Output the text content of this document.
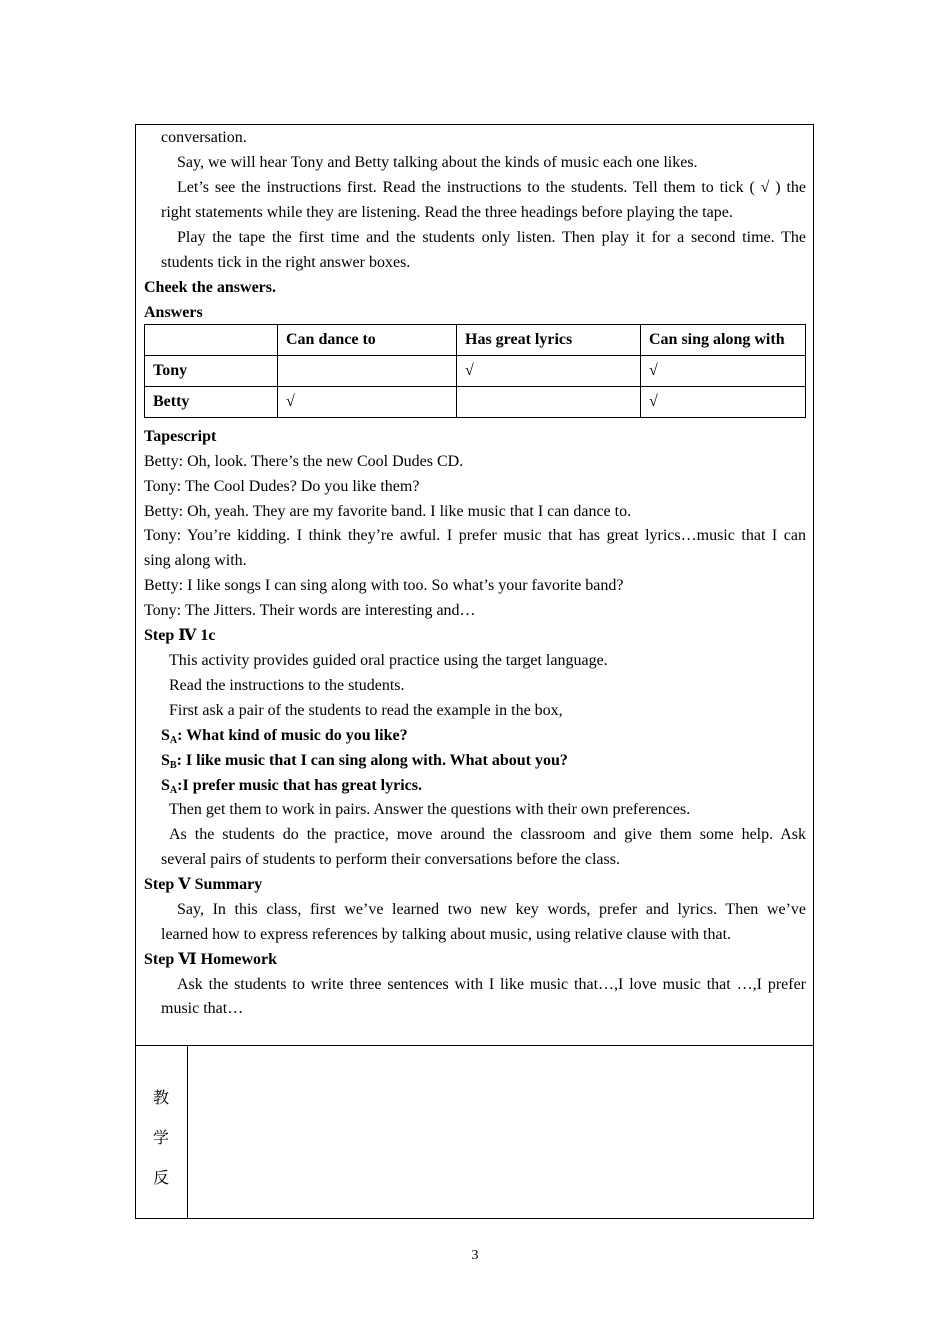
conversation.
Say, we will hear Tony and Betty talking about the kinds of music each one likes.
Let’s see the instructions first. Read the instructions to the students. Tell them to tick ( √ ) the
right statements while they are listening. Read the three headings before playing the tape.
Play the tape the first time and the students only listen. Then play it for a second time. The
students tick in the right answer boxes.
Cheek the answers.
Answers
	Can dance to	Has great lyrics	Can sing along with
Tony		√	√
Betty	√		√
Tapescript
Betty: Oh, look. There’s the new Cool Dudes CD.
Tony: The Cool Dudes? Do you like them?
Betty: Oh, yeah. They are my favorite band. I like music that I can dance to.
Tony: You’re kidding. I think they’re awful. I prefer music that has great lyrics…music that I can
sing along with.
Betty: I like songs I can sing along with too. So what’s your favorite band?
Tony: The Jitters. Their words are interesting and…
Step Ⅳ 1c
This activity provides guided oral practice using the target language.
Read the instructions to the students.
First ask a pair of the students to read the example in the box,
$S_A$: What kind of music do you like?
$S_B$: I like music that I can sing along with. What about you?
$S_A:I$ prefer music that has great lyrics.
Then get them to work in pairs. Answer the questions with their own preferences.
As the students do the practice, move around the classroom and give them some help. Ask
several pairs of students to perform their conversations before the class.
Step Ⅴ Summary
Say, In this class, first we’ve learned two new key words, prefer and lyrics. Then we’ve
learned how to express references by talking about music, using relative clause with that.
Step Ⅵ Homework
Ask the students to write three sentences with I like music that…,I love music that …,I prefer
music that…
教
学
反
3
